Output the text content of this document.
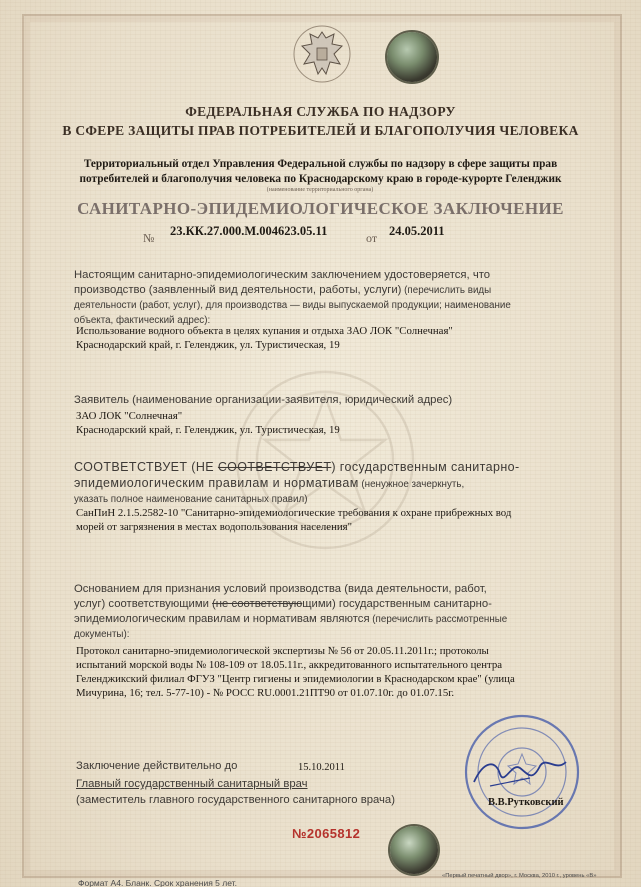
ФЕДЕРАЛЬНАЯ СЛУЖБА ПО НАДЗОРУ
В СФЕРЕ ЗАЩИТЫ ПРАВ ПОТРЕБИТЕЛЕЙ И БЛАГОПОЛУЧИЯ ЧЕЛОВЕКА

Территориальный отдел Управления Федеральной службы по надзору в сфере защиты прав
потребителей и благополучия человека по Краснодарскому краю в городе-курорте Геленджик

(наименование территориального органа)

САНИТАРНО-ЭПИДЕМИОЛОГИЧЕСКОЕ ЗАКЛЮЧЕНИЕ

№ 23.КК.27.000.М.004623.05.11	от 24.05.2011

Настоящим санитарно-эпидемиологическим заключением удостоверяется, что
производство (заявленный вид деятельности, работы, услуги) (перечислить виды
деятельности (работ, услуг), для производства — виды выпускаемой продукции; наименование
объекта, фактический адрес):

Использование водного объекта в целях купания и отдыха ЗАО ЛОК "Солнечная"
Краснодарский край, г. Геленджик, ул. Туристическая, 19

Заявитель (наименование организации-заявителя, юридический адрес)

ЗАО ЛОК "Солнечная"
Краснодарский край, г. Геленджик, ул. Туристическая, 19

СООТВЕТСТВУЕТ (НЕ СООТВЕТСТВУЕТ) государственным санитарно-
эпидемиологическим правилам и нормативам (ненужное зачеркнуть,
указать полное наименование санитарных правил)

СанПиН 2.1.5.2582-10 "Санитарно-эпидемиологические требования к охране прибрежных вод
морей от загрязнения в местах водопользования населения"

Основанием для признания условий производства (вида деятельности, работ,
услуг) соответствующими (не соответствующими) государственным санитарно-
эпидемиологическим правилам и нормативам являются (перечислить рассмотренные
документы):

Протокол санитарно-эпидемиологической экспертизы № 56 от 20.05.11.2011г.; протоколы
испытаний морской воды № 108-109 от 18.05.11г., аккредитованного испытательного центра
Геленджикский филиал ФГУЗ "Центр гигиены и эпидемиологии в Краснодарском крае" (улица
Мичурина, 16; тел. 5-77-10) - № РОСС RU.0001.21ПТ90 от 01.07.10г. до 01.07.15г.

Заключение действительно до	15.10.2011
Главный государственный санитарный врач
(заместитель главного государственного санитарного врача)	В.В.Рутковский
№2065812
Формат А4. Бланк. Срок хранения 5 лет.
«Первый печатный двор», г. Москва, 2010 г., уровень «В»
